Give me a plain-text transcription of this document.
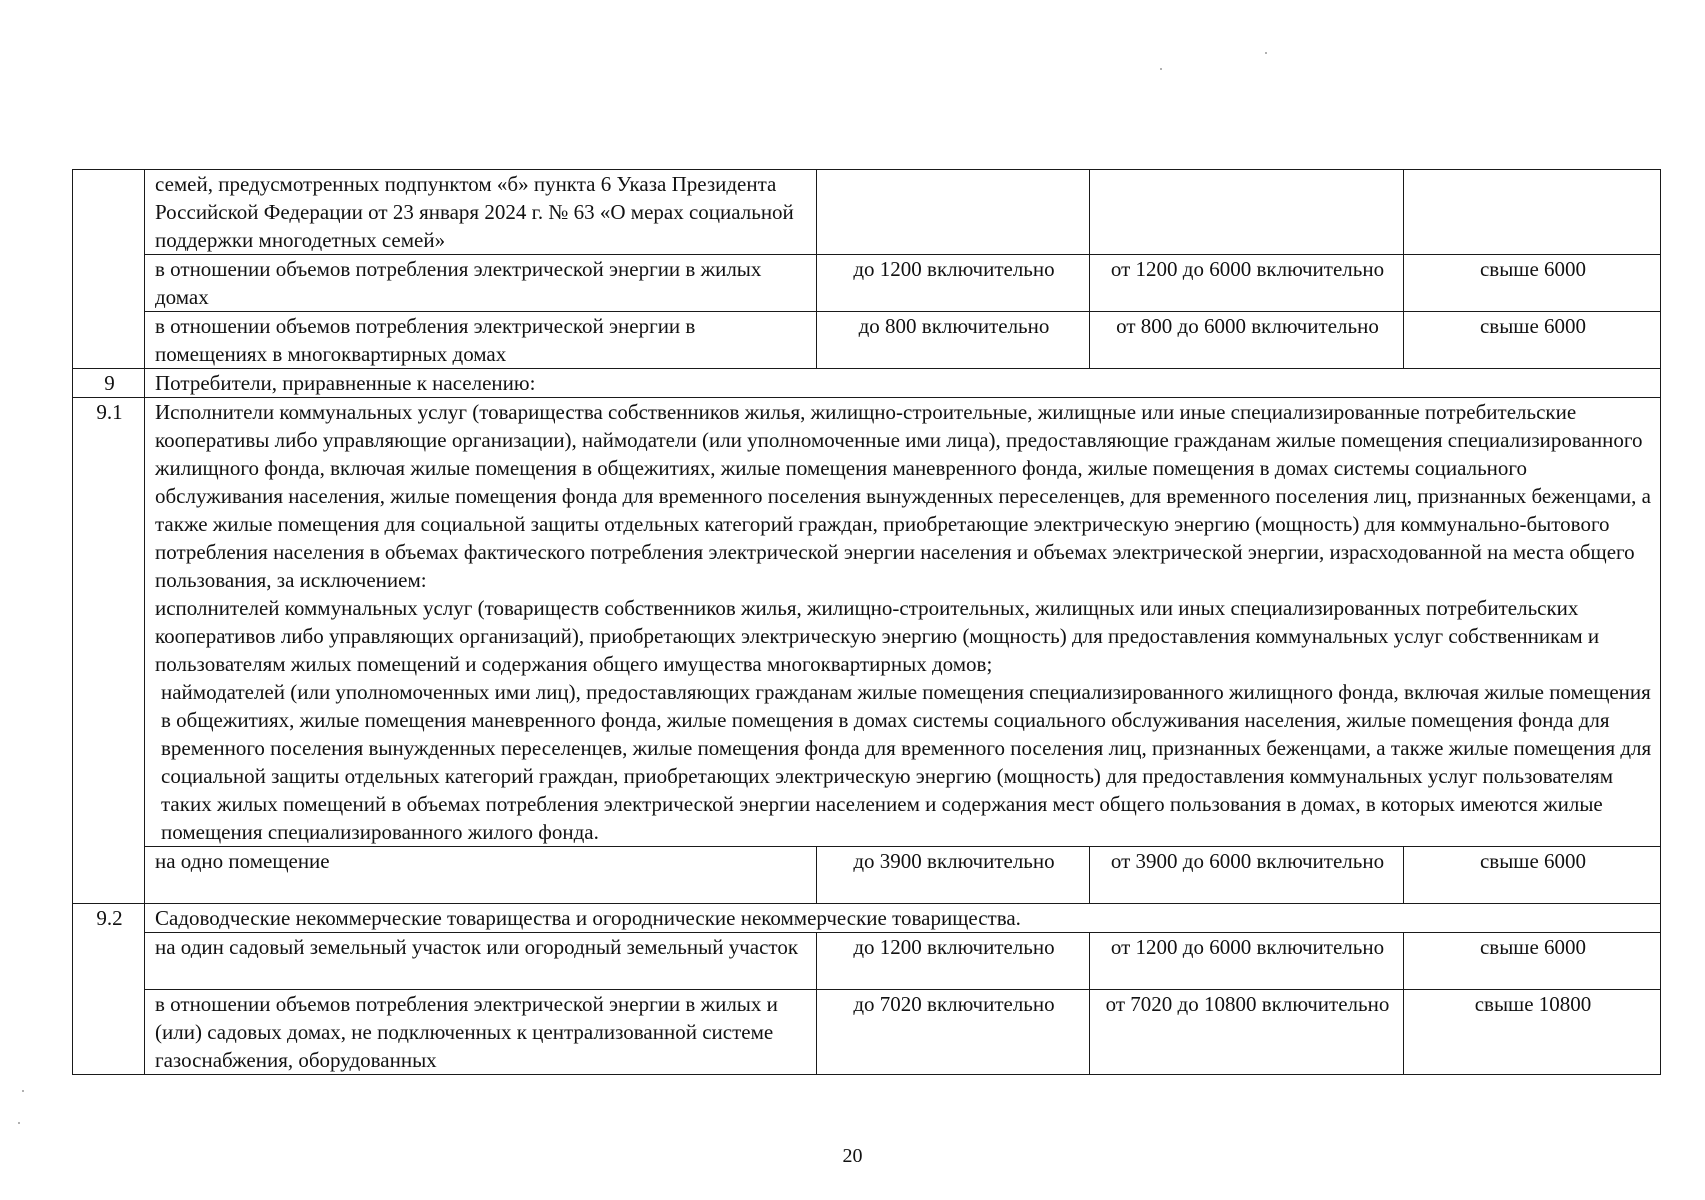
	семей, предусмотренных подпунктом «б» пункта 6 Указа Президента Российской Федерации от 23 января 2024 г. № 63 «О мерах социальной поддержки многодетных семей»			
	в отношении объемов потребления электрической энергии в жилых домах	до 1200 включительно	от 1200 до 6000 включительно	свыше 6000
	в отношении объемов потребления электрической энергии в помещениях в многоквартирных домах	до 800 включительно	от 800 до 6000 включительно	свыше 6000
9	Потребители, приравненные к населению:			
9.1	Исполнители коммунальных услуг (товарищества собственников жилья, жилищно-строительные, жилищные или иные специализированные потребительские кооперативы либо управляющие организации), наймодатели (или уполномоченные ими лица), предоставляющие гражданам жилые помещения специализированного жилищного фонда, включая жилые помещения в общежитиях, жилые помещения маневренного фонда, жилые помещения в домах системы социального обслуживания населения, жилые помещения фонда для временного поселения вынужденных переселенцев, для временного поселения лиц, признанных беженцами, а также жилые помещения для социальной защиты отдельных категорий граждан, приобретающие электрическую энергию (мощность) для коммунально-бытового потребления населения в объемах фактического потребления электрической энергии населения и объемах электрической энергии, израсходованной на места общего пользования, за исключением:

исполнителей коммунальных услуг (товариществ собственников жилья, жилищно-строительных, жилищных или иных специализированных потребительских кооперативов либо управляющих организаций), приобретающих электрическую энергию (мощность) для предоставления коммунальных услуг собственникам и пользователям жилых помещений и содержания общего имущества многоквартирных домов;

наймодателей (или уполномоченных ими лиц), предоставляющих гражданам жилые помещения специализированного жилищного фонда, включая жилые помещения в общежитиях, жилые помещения маневренного фонда, жилые помещения в домах системы социального обслуживания населения, жилые помещения фонда для временного поселения вынужденных переселенцев, жилые помещения фонда для временного поселения лиц, признанных беженцами, а также жилые помещения для социальной защиты отдельных категорий граждан, приобретающих электрическую энергию (мощность) для предоставления коммунальных услуг пользователям таких жилых помещений в объемах потребления электрической энергии населением и содержания мест общего пользования в домах, в которых имеются жилые помещения специализированного жилого фонда.			

	на одно помещение	до 3900 включительно	от 3900 до 6000 включительно	свыше 6000
9.2	Садоводческие некоммерческие товарищества и огороднические некоммерческие товарищества.			
	на один садовый земельный участок или огородный земельный участок	до 1200 включительно	от 1200 до 6000 включительно	свыше 6000
	в отношении объемов потребления электрической энергии в жилых и (или) садовых домах, не подключенных к централизованной системе газоснабжения, оборудованных	до 7020 включительно	от 7020 до 10800 включительно	свыше 10800
20
